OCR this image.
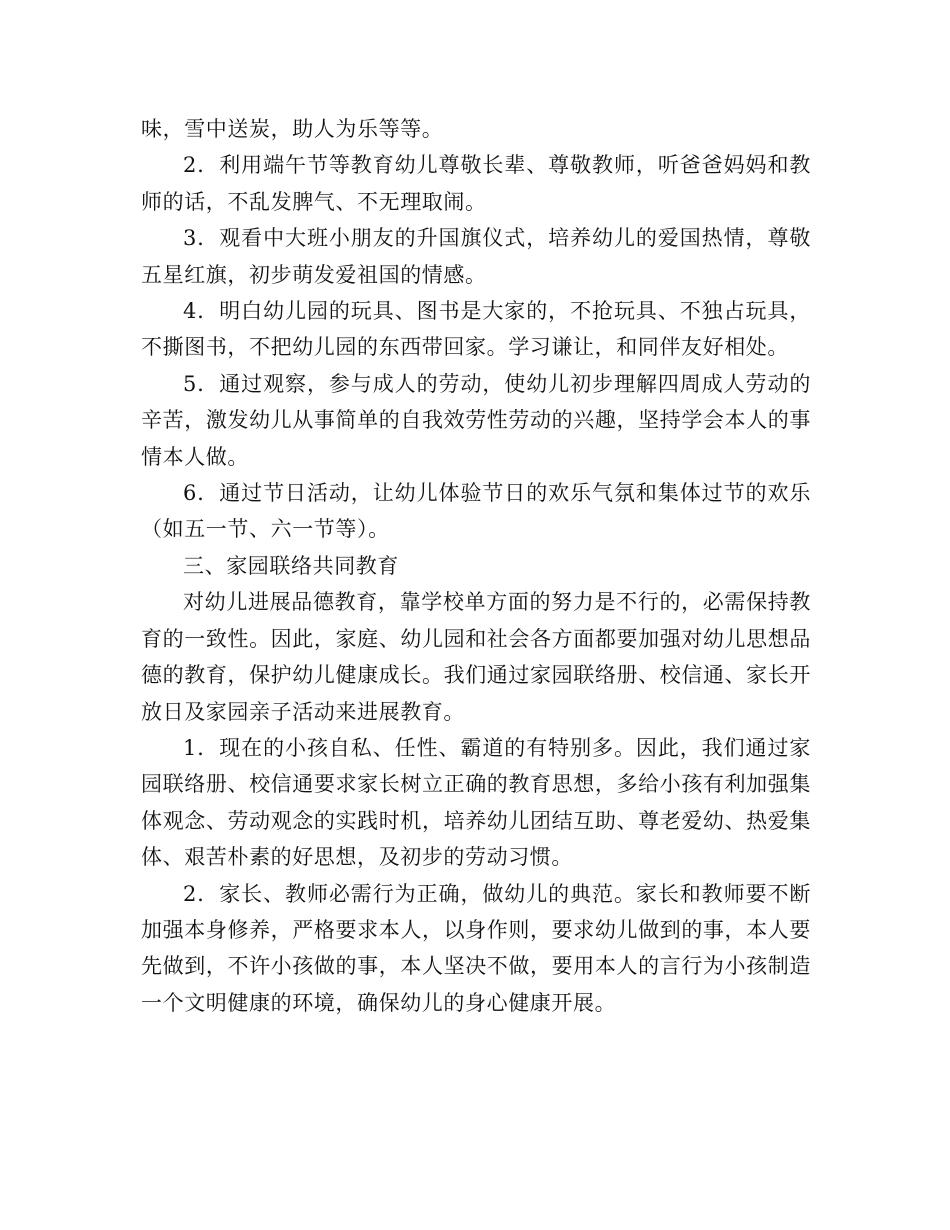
味，雪中送炭，助人为乐等等。

2．利用端午节等教育幼儿尊敬长辈、尊敬教师，听爸爸妈妈和教师的话，不乱发脾气、不无理取闹。

3．观看中大班小朋友的升国旗仪式，培养幼儿的爱国热情，尊敬五星红旗，初步萌发爱祖国的情感。

4．明白幼儿园的玩具、图书是大家的，不抢玩具、不独占玩具，不撕图书，不把幼儿园的东西带回家。学习谦让，和同伴友好相处。

5．通过观察，参与成人的劳动，使幼儿初步理解四周成人劳动的辛苦，激发幼儿从事简单的自我效劳性劳动的兴趣，坚持学会本人的事情本人做。

6．通过节日活动，让幼儿体验节日的欢乐气氛和集体过节的欢乐（如五一节、六一节等）。

三、家园联络共同教育

对幼儿进展品德教育，靠学校单方面的努力是不行的，必需保持教育的一致性。因此，家庭、幼儿园和社会各方面都要加强对幼儿思想品德的教育，保护幼儿健康成长。我们通过家园联络册、校信通、家长开放日及家园亲子活动来进展教育。

1．现在的小孩自私、任性、霸道的有特别多。因此，我们通过家园联络册、校信通要求家长树立正确的教育思想，多给小孩有利加强集体观念、劳动观念的实践时机，培养幼儿团结互助、尊老爱幼、热爱集体、艰苦朴素的好思想，及初步的劳动习惯。

2．家长、教师必需行为正确，做幼儿的典范。家长和教师要不断加强本身修养，严格要求本人，以身作则，要求幼儿做到的事，本人要先做到，不许小孩做的事，本人坚决不做，要用本人的言行为小孩制造一个文明健康的环境，确保幼儿的身心健康开展。
